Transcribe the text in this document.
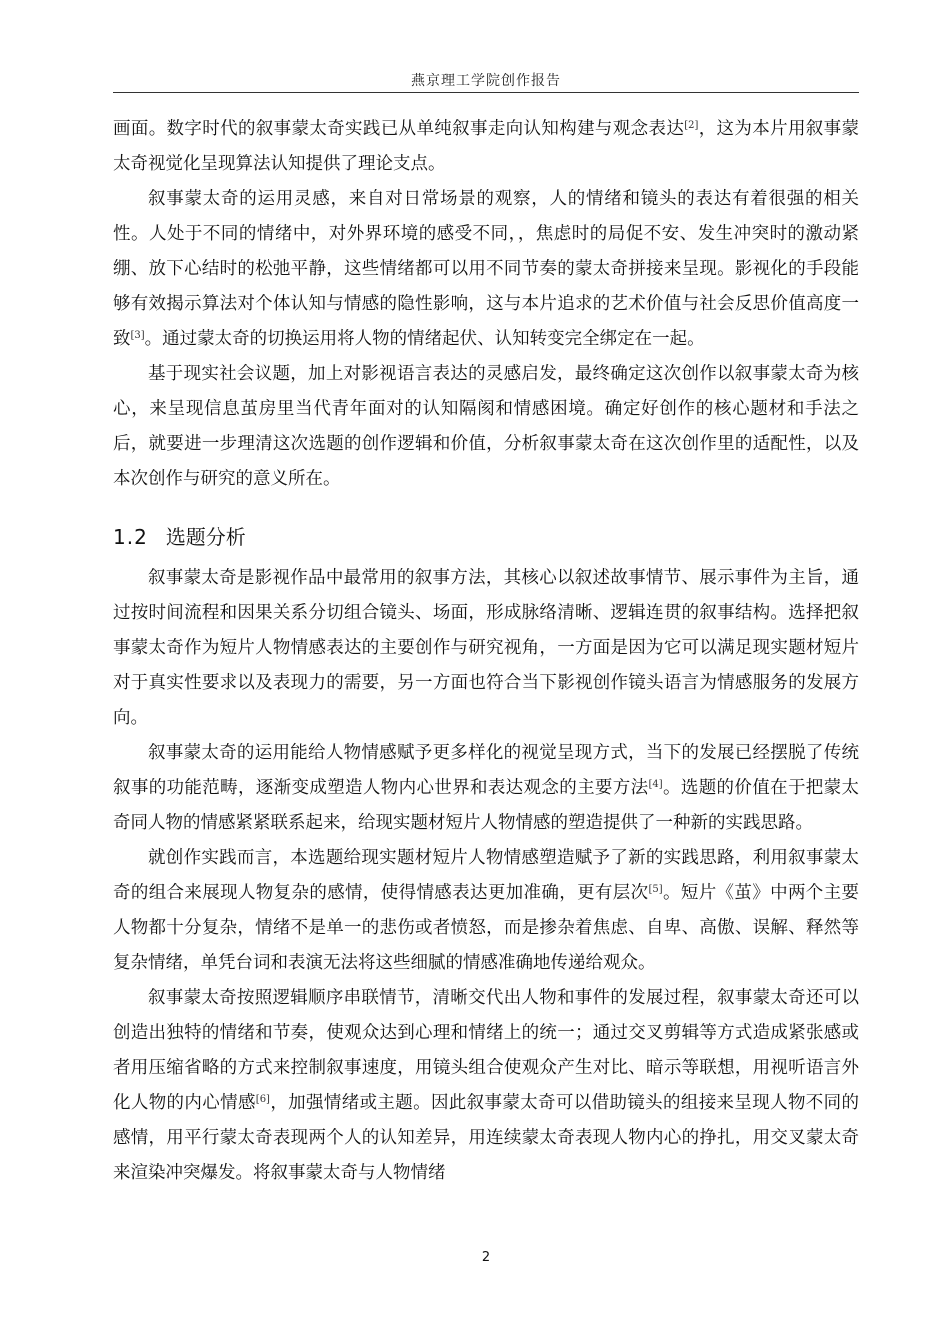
燕京理工学院创作报告

画面。数字时代的叙事蒙太奇实践已从单纯叙事走向认知构建与观念表达[2]，这为本片用叙事蒙太奇视觉化呈现算法认知提供了理论支点。

叙事蒙太奇的运用灵感，来自对日常场景的观察，人的情绪和镜头的表达有着很强的相关性。人处于不同的情绪中，对外界环境的感受不同，，焦虑时的局促不安、发生冲突时的激动紧绷、放下心结时的松弛平静，这些情绪都可以用不同节奏的蒙太奇拼接来呈现。影视化的手段能够有效揭示算法对个体认知与情感的隐性影响，这与本片追求的艺术价值与社会反思价值高度一致[3]。通过蒙太奇的切换运用将人物的情绪起伏、认知转变完全绑定在一起。

基于现实社会议题，加上对影视语言表达的灵感启发，最终确定这次创作以叙事蒙太奇为核心，来呈现信息茧房里当代青年面对的认知隔阂和情感困境。确定好创作的核心题材和手法之后，就要进一步理清这次选题的创作逻辑和价值，分析叙事蒙太奇在这次创作里的适配性，以及本次创作与研究的意义所在。

1.2 选题分析

叙事蒙太奇是影视作品中最常用的叙事方法，其核心以叙述故事情节、展示事件为主旨，通过按时间流程和因果关系分切组合镜头、场面，形成脉络清晰、逻辑连贯的叙事结构。选择把叙事蒙太奇作为短片人物情感表达的主要创作与研究视角，一方面是因为它可以满足现实题材短片对于真实性要求以及表现力的需要，另一方面也符合当下影视创作镜头语言为情感服务的发展方向。

叙事蒙太奇的运用能给人物情感赋予更多样化的视觉呈现方式，当下的发展已经摆脱了传统叙事的功能范畴，逐渐变成塑造人物内心世界和表达观念的主要方法[4]。选题的价值在于把蒙太奇同人物的情感紧紧联系起来，给现实题材短片人物情感的塑造提供了一种新的实践思路。

就创作实践而言，本选题给现实题材短片人物情感塑造赋予了新的实践思路，利用叙事蒙太奇的组合来展现人物复杂的感情，使得情感表达更加准确，更有层次[5]。短片《茧》中两个主要人物都十分复杂，情绪不是单一的悲伤或者愤怒，而是掺杂着焦虑、自卑、高傲、误解、释然等复杂情绪，单凭台词和表演无法将这些细腻的情感准确地传递给观众。

叙事蒙太奇按照逻辑顺序串联情节，清晰交代出人物和事件的发展过程，叙事蒙太奇还可以创造出独特的情绪和节奏，使观众达到心理和情绪上的统一；通过交叉剪辑等方式造成紧张感或者用压缩省略的方式来控制叙事速度，用镜头组合使观众产生对比、暗示等联想，用视听语言外化人物的内心情感[6]，加强情绪或主题。因此叙事蒙太奇可以借助镜头的组接来呈现人物不同的感情，用平行蒙太奇表现两个人的认知差异，用连续蒙太奇表现人物内心的挣扎，用交叉蒙太奇来渲染冲突爆发。将叙事蒙太奇与人物情绪

2
